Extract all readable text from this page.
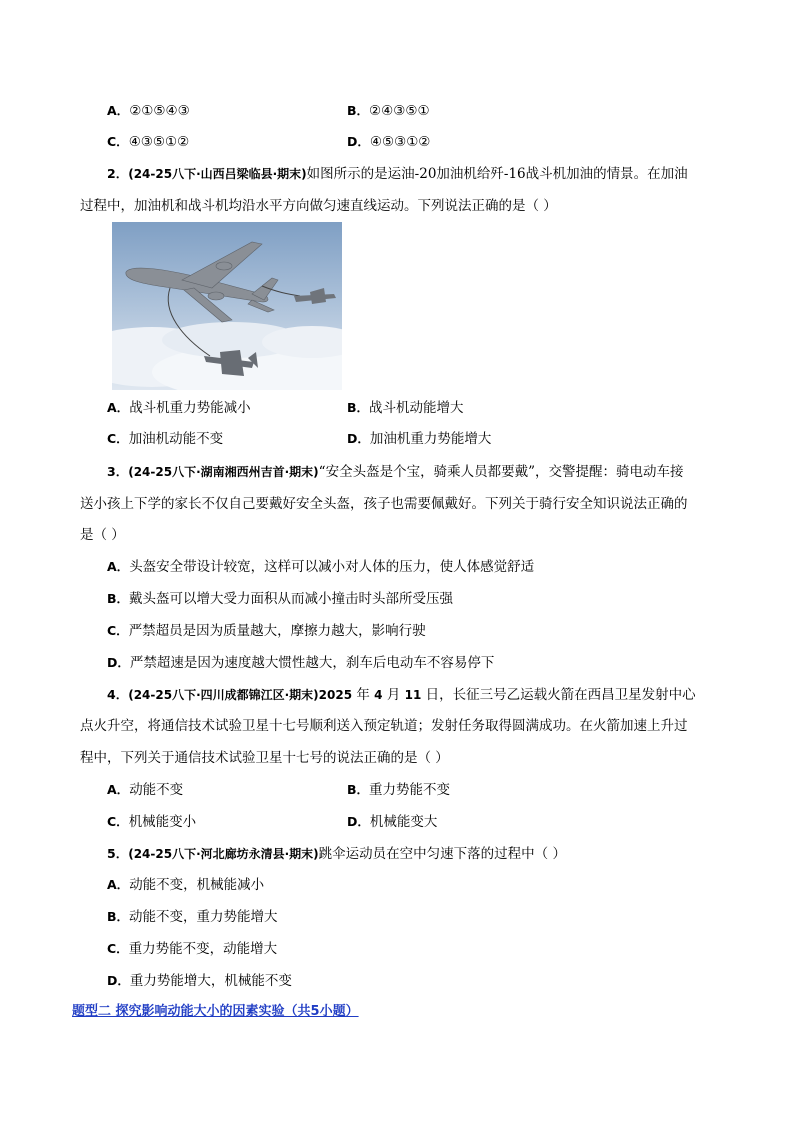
A．②①⑤④③	B．②④③⑤①
C．④③⑤①②	D．④⑤③①②
2．(24-25八下·山西吕梁临县·期末)如图所示的是运油-20加油机给歼-16战斗机加油的情景。在加油
过程中，加油机和战斗机均沿水平方向做匀速直线运动。下列说法正确的是（ ）
A．战斗机重力势能减小	B．战斗机动能增大
C．加油机动能不变	D．加油机重力势能增大
3．(24-25八下·湖南湘西州吉首·期末)“安全头盔是个宝，骑乘人员都要戴”，交警提醒：骑电动车接
送小孩上下学的家长不仅自己要戴好安全头盔，孩子也需要佩戴好。下列关于骑行安全知识说法正确的
是（ ）
A．头盔安全带设计较宽，这样可以减小对人体的压力，使人体感觉舒适
B．戴头盔可以增大受力面积从而减小撞击时头部所受压强
C．严禁超员是因为质量越大，摩擦力越大，影响行驶
D．严禁超速是因为速度越大惯性越大，刹车后电动车不容易停下
4．(24-25八下·四川成都锦江区·期末)2025 年 4 月 11 日，长征三号乙运载火箭在西昌卫星发射中心
点火升空，将通信技术试验卫星十七号顺利送入预定轨道；发射任务取得圆满成功。在火箭加速上升过
程中，下列关于通信技术试验卫星十七号的说法正确的是（ ）
A．动能不变	B．重力势能不变
C．机械能变小	D．机械能变大
5．(24-25八下·河北廊坊永清县·期末)跳伞运动员在空中匀速下落的过程中（ ）
A．动能不变，机械能减小
B．动能不变，重力势能增大
C．重力势能不变，动能增大
D．重力势能增大，机械能不变
题型二 探究影响动能大小的因素实验（共5小题）
